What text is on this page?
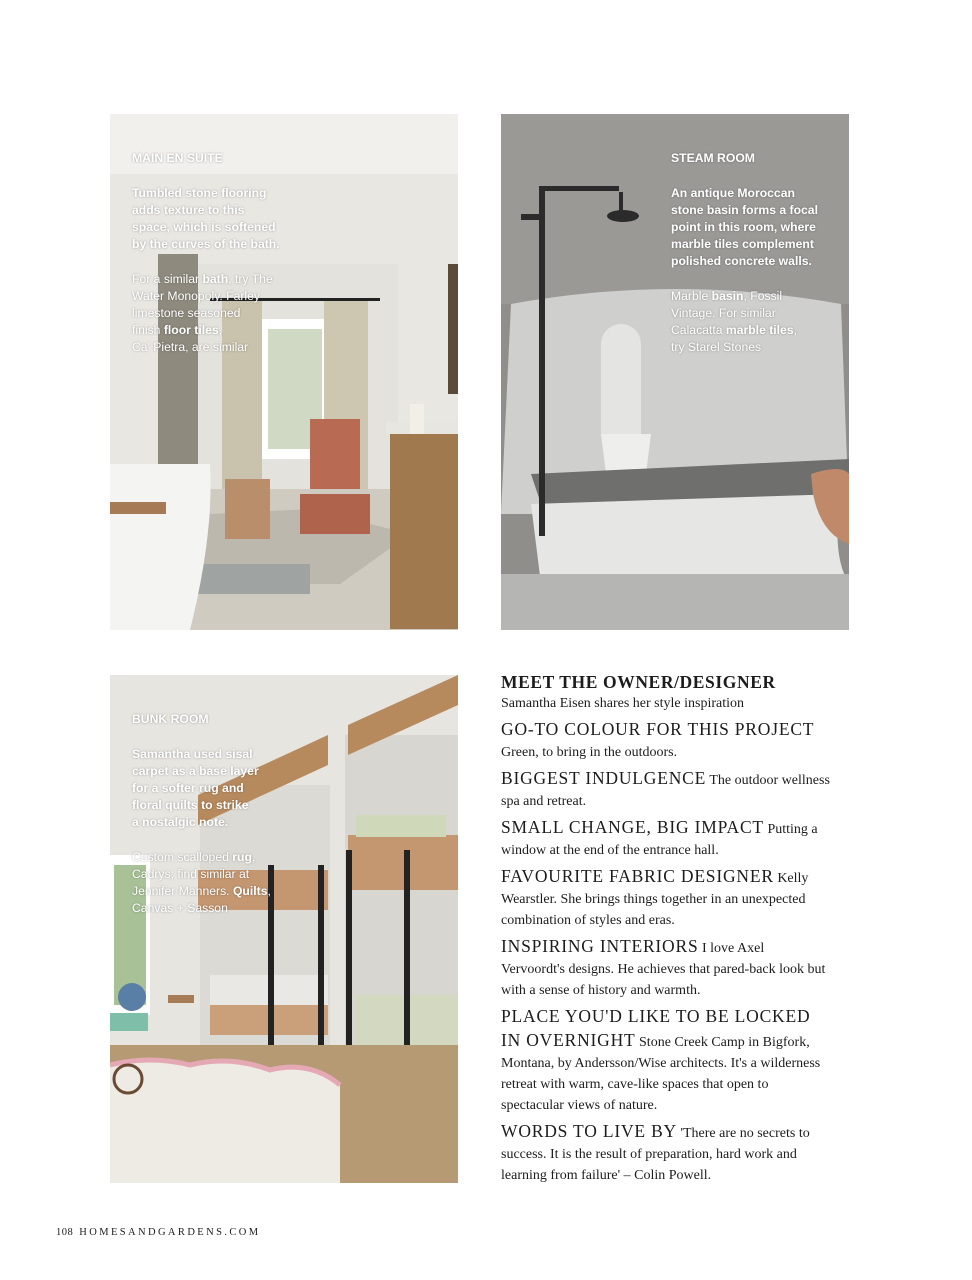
MAIN EN SUITE

Tumbled stone flooring
adds texture to this
space, which is softened
by the curves of the bath.

For a similar bath, try The
Water Monopoly. Farley
limestone seasoned
finish floor tiles,
Ca' Pietra, are similar

STEAM ROOM

An antique Moroccan
stone basin forms a focal
point in this room, where
marble tiles complement
polished concrete walls.

Marble basin, Fossil
Vintage. For similar
Calacatta marble tiles,
try Starel Stones

BUNK ROOM

Samantha used sisal
carpet as a base layer
for a softer rug and
floral quilts to strike
a nostalgic note.

Custom scalloped rug,
Cadrys; find similar at
Jennifer Manners. Quilts,
Canvas + Sasson

MEET THE OWNER/DESIGNER

Samantha Eisen shares her style inspiration

GO-TO COLOUR FOR THIS PROJECT Green, to bring in the outdoors.

BIGGEST INDULGENCE The outdoor wellness spa and retreat.

SMALL CHANGE, BIG IMPACT Putting a window at the end of the entrance hall.

FAVOURITE FABRIC DESIGNER Kelly Wearstler. She brings things together in an unexpected combination of styles and eras.

INSPIRING INTERIORS I love Axel Vervoordt's designs. He achieves that pared-back look but with a sense of history and warmth.

PLACE YOU'D LIKE TO BE LOCKED IN OVERNIGHT Stone Creek Camp in Bigfork, Montana, by Andersson/Wise architects. It's a wilderness retreat with warm, cave-like spaces that open to spectacular views of nature.

WORDS TO LIVE BY 'There are no secrets to success. It is the result of preparation, hard work and learning from failure' – Colin Powell.

108 HOMESANDGARDENS.COM
